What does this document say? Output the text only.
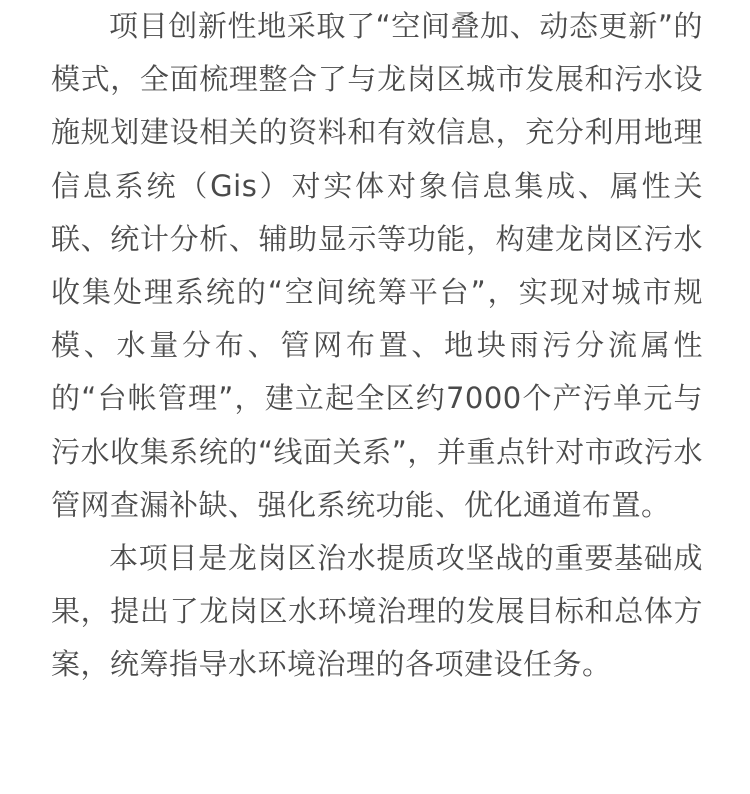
项目创新性地采取了“空间叠加、动态更新”的模式，全面梳理整合了与龙岗区城市发展和污水设施规划建设相关的资料和有效信息，充分利用地理信息系统（Gis）对实体对象信息集成、属性关联、统计分析、辅助显示等功能，构建龙岗区污水收集处理系统的“空间统筹平台”，实现对城市规模、水量分布、管网布置、地块雨污分流属性的“台帐管理”，建立起全区约7000个产污单元与污水收集系统的“线面关系”，并重点针对市政污水管网查漏补缺、强化系统功能、优化通道布置。

本项目是龙岗区治水提质攻坚战的重要基础成果，提出了龙岗区水环境治理的发展目标和总体方案，统筹指导水环境治理的各项建设任务。
